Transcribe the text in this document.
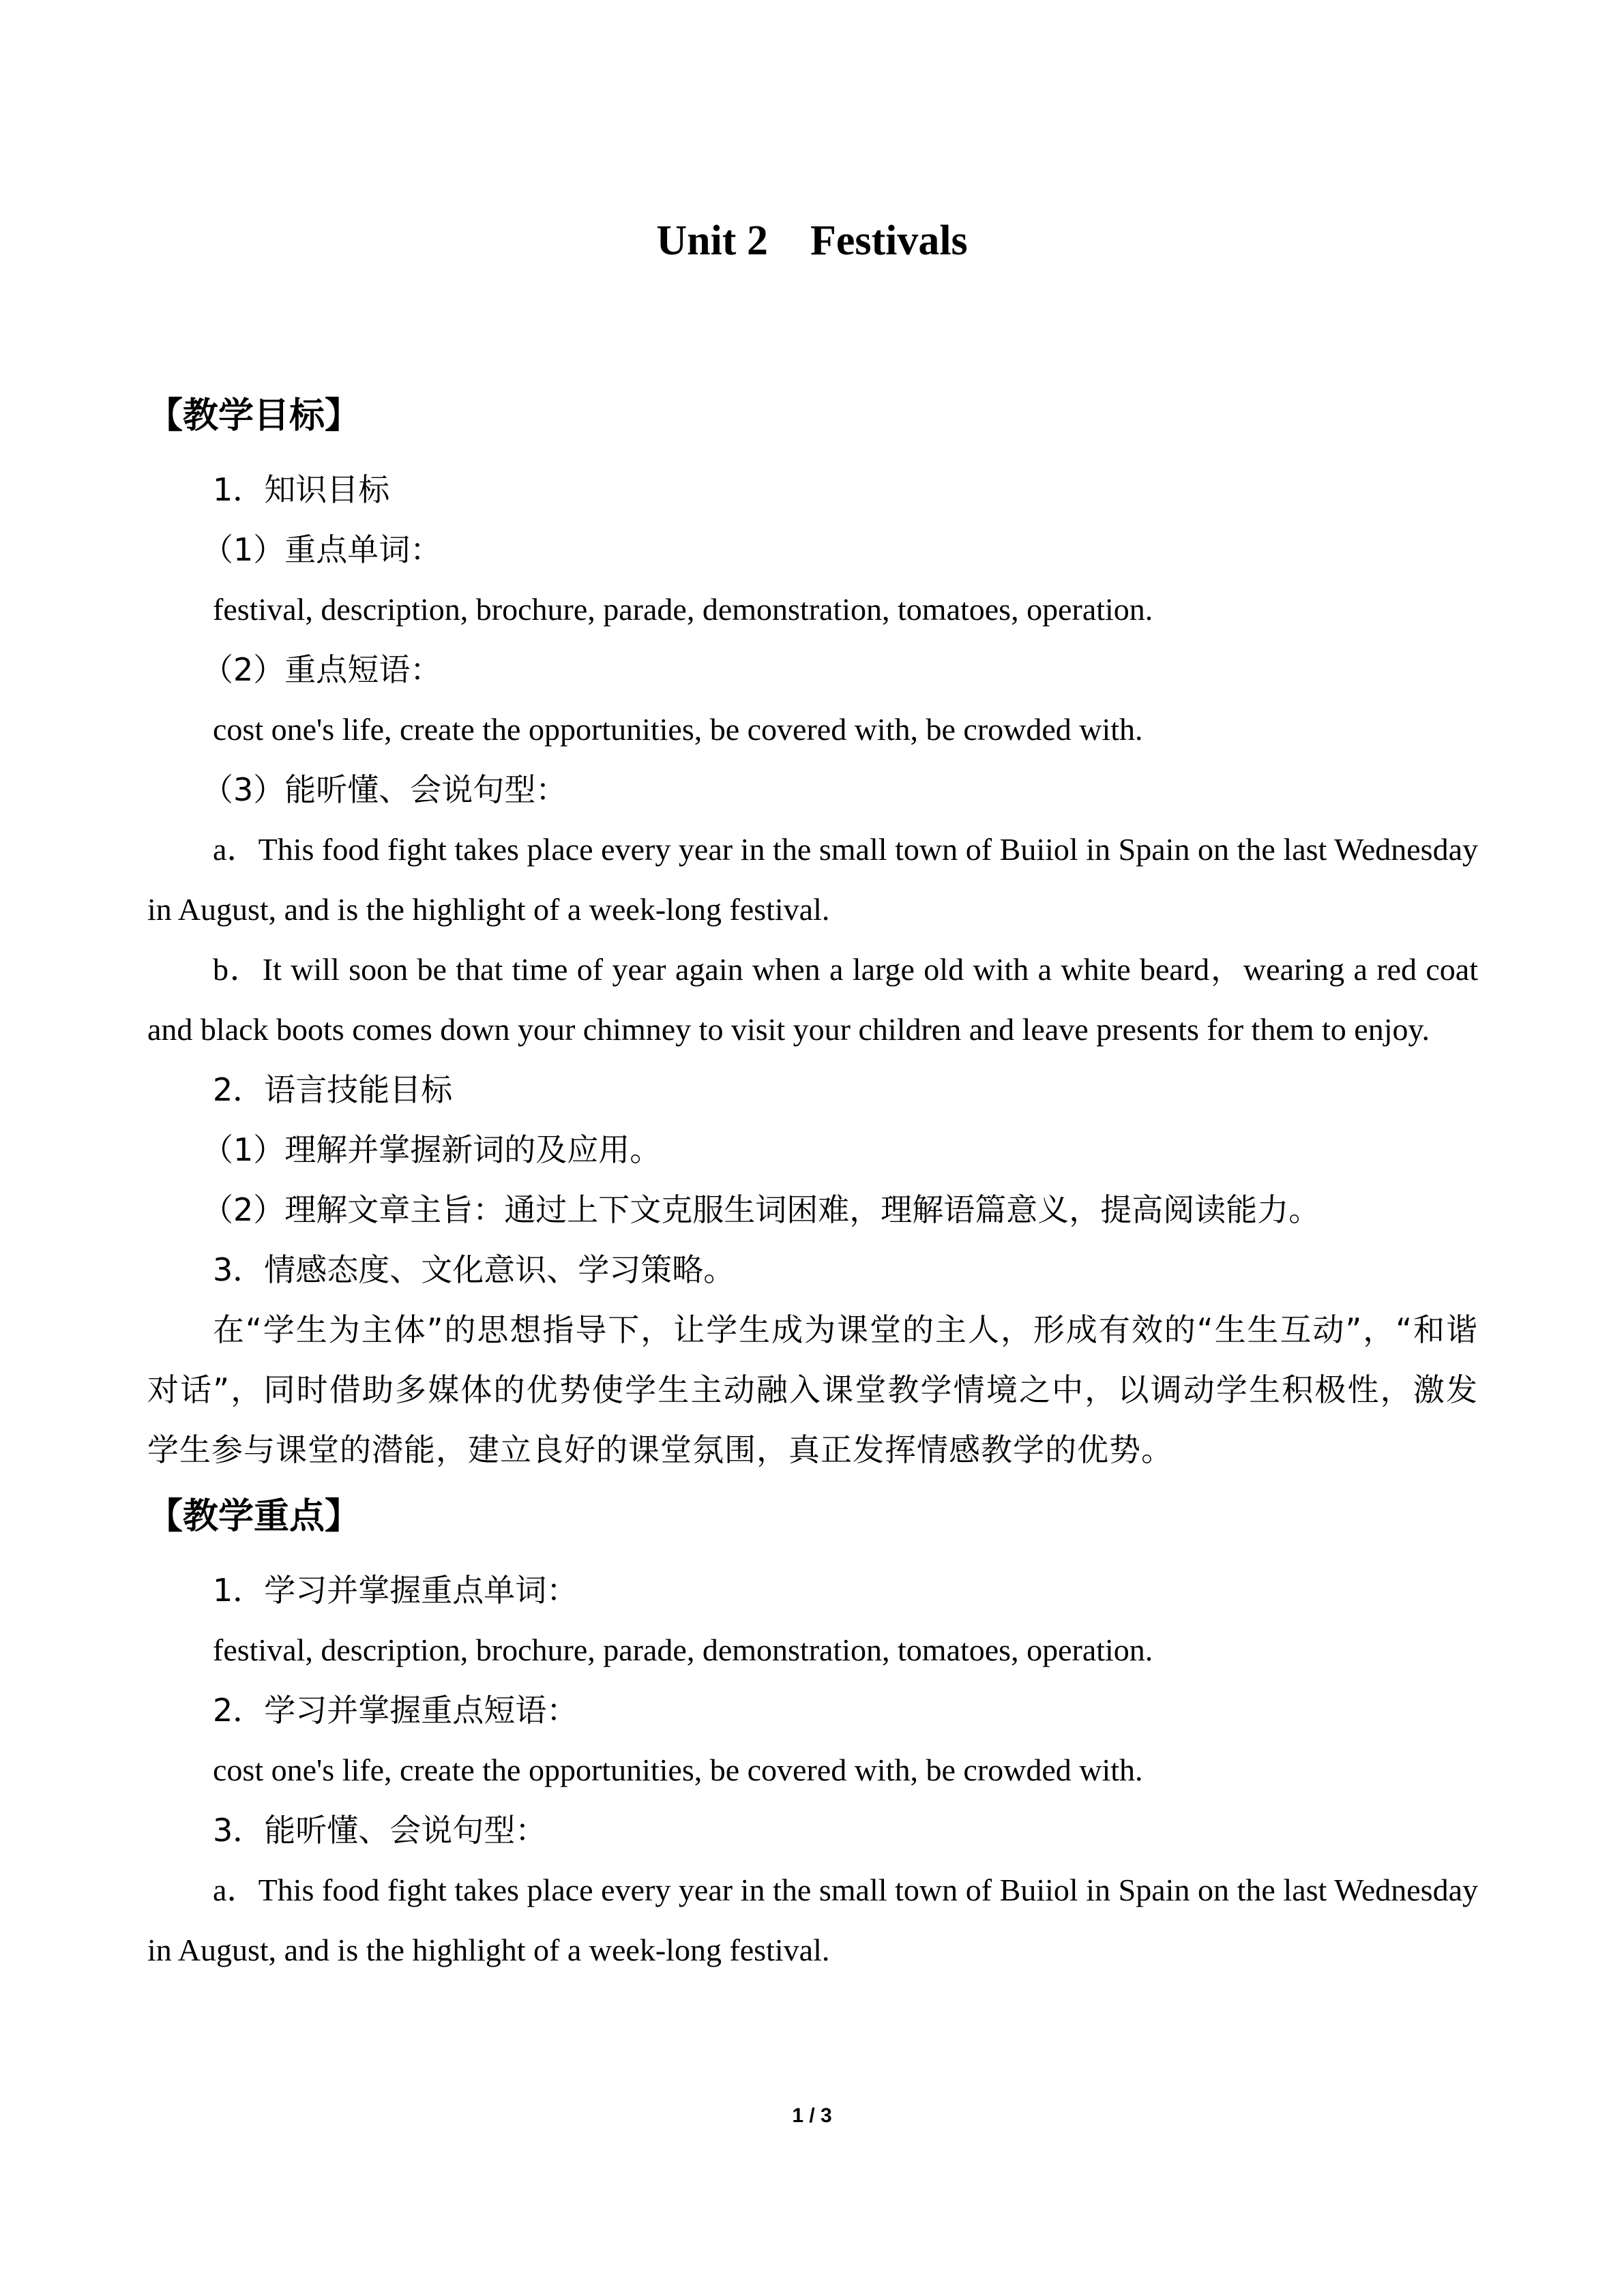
Unit 2    Festivals
【教学目标】
1．知识目标
（1）重点单词：
festival, description, brochure, parade, demonstration, tomatoes, operation.
（2）重点短语：
cost one's life, create the opportunities, be covered with, be crowded with.
（3）能听懂、会说句型：
a．This food fight takes place every year in the small town of Buiiol in Spain on the last Wednesday in August, and is the highlight of a week-long festival.
b．It will soon be that time of year again when a large old with a white beard，wearing a red coat and black boots comes down your chimney to visit your children and leave presents for them to enjoy.
2．语言技能目标
（1）理解并掌握新词的及应用。
（2）理解文章主旨：通过上下文克服生词困难，理解语篇意义，提高阅读能力。
3．情感态度、文化意识、学习策略。
在“学生为主体”的思想指导下，让学生成为课堂的主人，形成有效的“生生互动”，“和谐对话”，同时借助多媒体的优势使学生主动融入课堂教学情境之中，以调动学生积极性，激发学生参与课堂的潜能，建立良好的课堂氛围，真正发挥情感教学的优势。
【教学重点】
1．学习并掌握重点单词：
festival, description, brochure, parade, demonstration, tomatoes, operation.
2．学习并掌握重点短语：
cost one's life, create the opportunities, be covered with, be crowded with.
3．能听懂、会说句型：
a．This food fight takes place every year in the small town of Buiiol in Spain on the last Wednesday in August, and is the highlight of a week-long festival.
1 / 3
